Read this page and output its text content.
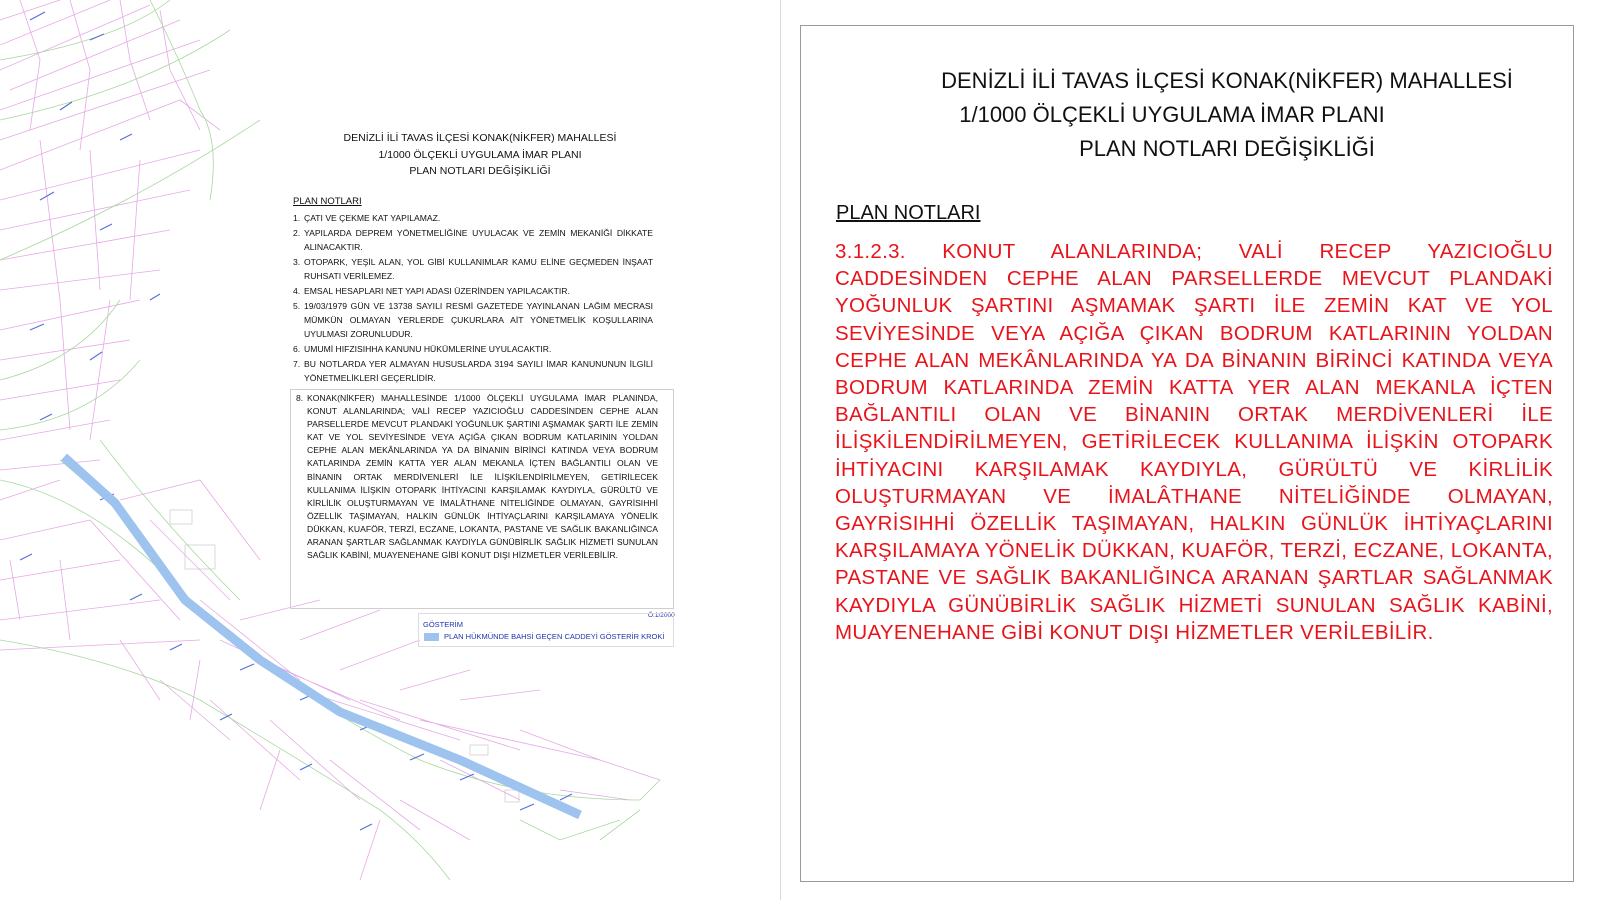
DENİZLİ İLİ TAVAS İLÇESİ KONAK(NİKFER) MAHALLESİ
1/1000 ÖLÇEKLİ UYGULAMA İMAR PLANI
PLAN NOTLARI DEĞİŞİKLİĞİ
PLAN NOTLARI
1. ÇATI VE ÇEKME KAT YAPILAMAZ.
2. YAPILARDA DEPREM YÖNETMELİĞİNE UYULACAK VE ZEMİN MEKANİĞİ DİKKATE ALINACAKTIR.
3. OTOPARK, YEŞİL ALAN, YOL GİBİ KULLANIMLAR KAMU ELİNE GEÇMEDEN İNŞAAT RUHSATI VERİLEMEZ.
4. EMSAL HESAPLARI NET YAPI ADASI ÜZERİNDEN YAPILACAKTIR.
5. 19/03/1979 GÜN VE 13738 SAYILI RESMİ GAZETEDE YAYINLANAN LAĞIM MECRASI MÜMKÜN OLMAYAN YERLERDE ÇUKURLARA AİT YÖNETMELİK KOŞULLARINA UYULMASI ZORUNLUDUR.
6. UMUMİ HIFZISIHHA KANUNU HÜKÜMLERİNE UYULACAKTIR.
7. BU NOTLARDA YER ALMAYAN HUSUSLARDA 3194 SAYILI İMAR KANUNUNUN İLGİLİ YÖNETMELİKLERİ GEÇERLİDİR.
8. KONAK(NİKFER) MAHALLESİNDE 1/1000 ÖLÇEKLİ UYGULAMA İMAR PLANINDA, KONUT ALANLARINDA; VALİ RECEP YAZICIOĞLU CADDESİNDEN CEPHE ALAN PARSELLERDE MEVCUT PLANDAKİ YOĞUNLUK ŞARTINI AŞMAMAK ŞARTI İLE ZEMİN KAT VE YOL SEVİYESİNDE VEYA AÇIĞA ÇIKAN BODRUM KATLARININ YOLDAN CEPHE ALAN MEKÂNLARINDA YA DA BİNANIN BİRİNCİ KATINDA VEYA BODRUM KATLARINDA ZEMİN KATTA YER ALAN MEKANLA İÇTEN BAĞLANTILI OLAN VE BİNANIN ORTAK MERDİVENLERİ İLE İLİŞKİLENDİRİLMEYEN, GETİRİLECEK KULLANIMA İLİŞKİN OTOPARK İHTİYACINI KARŞILAMAK KAYDIYLA, GÜRÜLTÜ VE KİRLİLİK OLUŞTURMAYAN VE İMALÂTHANE NİTELİĞİNDE OLMAYAN, GAYRİSIHHİ ÖZELLİK TAŞIMAYAN, HALKIN GÜNLÜK İHTİYAÇLARINI KARŞILAMAYA YÖNELİK DÜKKAN, KUAFÖR, TERZİ, ECZANE, LOKANTA, PASTANE VE SAĞLIK BAKANLIĞINCA ARANAN ŞARTLAR SAĞLANMAK KAYDIYLA GÜNÜBİRLİK SAĞLIK HİZMETİ SUNULAN SAĞLIK KABİNİ, MUAYENEHANE GİBİ KONUT DIŞI HİZMETLER VERİLEBİLİR.
Ö:1/2000
GÖSTERİM
PLAN HÜKMÜNDE BAHSİ GEÇEN CADDEYİ GÖSTERİR KROKİ
DENİZLİ İLİ TAVAS İLÇESİ KONAK(NİKFER) MAHALLESİ
1/1000 ÖLÇEKLİ UYGULAMA İMAR PLANI
PLAN NOTLARI DEĞİŞİKLİĞİ
PLAN NOTLARI
3.1.2.3. KONUT ALANLARINDA; VALİ RECEP YAZICIOĞLU CADDESİNDEN CEPHE ALAN PARSELLERDE MEVCUT PLANDAKİ YOĞUNLUK ŞARTINI AŞMAMAK ŞARTI İLE ZEMİN KAT VE YOL SEVİYESİNDE VEYA AÇIĞA ÇIKAN BODRUM KATLARININ YOLDAN CEPHE ALAN MEKÂNLARINDA YA DA BİNANIN BİRİNCİ KATINDA VEYA BODRUM KATLARINDA ZEMİN KATTA YER ALAN MEKANLA İÇTEN BAĞLANTILI OLAN VE BİNANIN ORTAK MERDİVENLERİ İLE İLİŞKİLENDİRİLMEYEN, GETİRİLECEK KULLANIMA İLİŞKİN OTOPARK İHTİYACINI KARŞILAMAK KAYDIYLA, GÜRÜLTÜ VE KİRLİLİK OLUŞTURMAYAN VE İMALÂTHANE NİTELİĞİNDE OLMAYAN, GAYRİSIHHİ ÖZELLİK TAŞIMAYAN, HALKIN GÜNLÜK İHTİYAÇLARINI KARŞILAMAYA YÖNELİK DÜKKAN, KUAFÖR, TERZİ, ECZANE, LOKANTA, PASTANE VE SAĞLIK BAKANLIĞINCA ARANAN ŞARTLAR SAĞLANMAK KAYDIYLA GÜNÜBİRLİK SAĞLIK HİZMETİ SUNULAN SAĞLIK KABİNİ, MUAYENEHANE GİBİ KONUT DIŞI HİZMETLER VERİLEBİLİR.
